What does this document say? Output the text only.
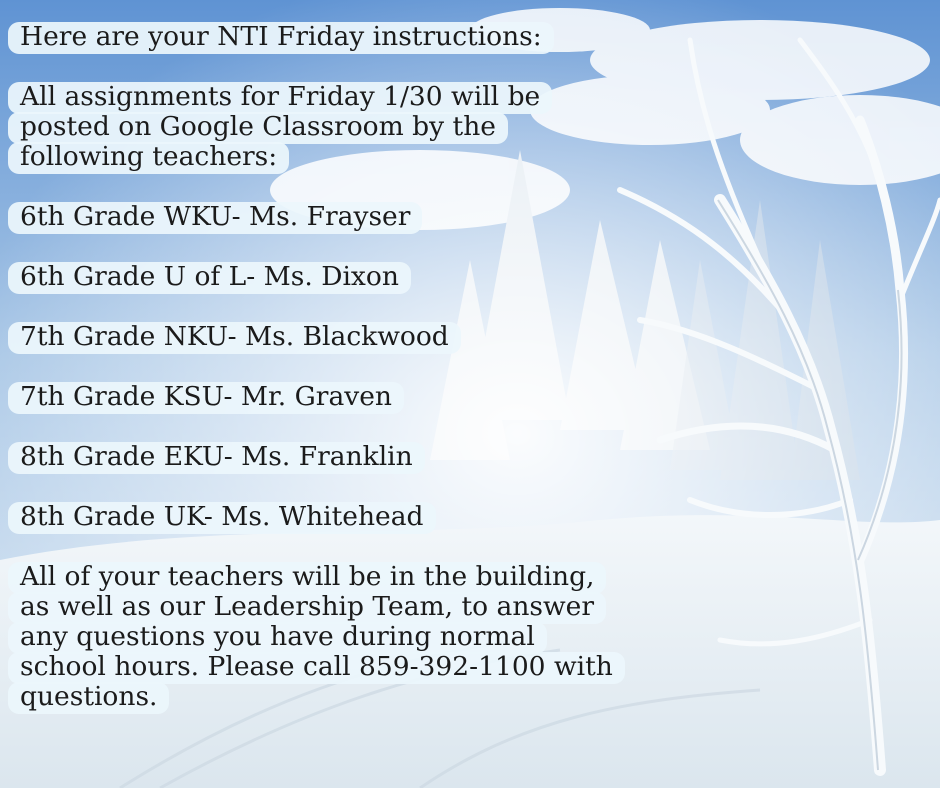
Here are your NTI Friday instructions:
All assignments for Friday 1/30 will be
posted on Google Classroom by the
following teachers:
6th Grade WKU- Ms. Frayser
6th Grade U of L- Ms. Dixon
7th Grade NKU- Ms. Blackwood
7th Grade KSU- Mr. Graven
8th Grade EKU- Ms. Franklin
8th Grade UK- Ms. Whitehead
All of your teachers will be in the building,
as well as our Leadership Team, to answer
any questions you have during normal
school hours. Please call 859-392-1100 with
questions.
